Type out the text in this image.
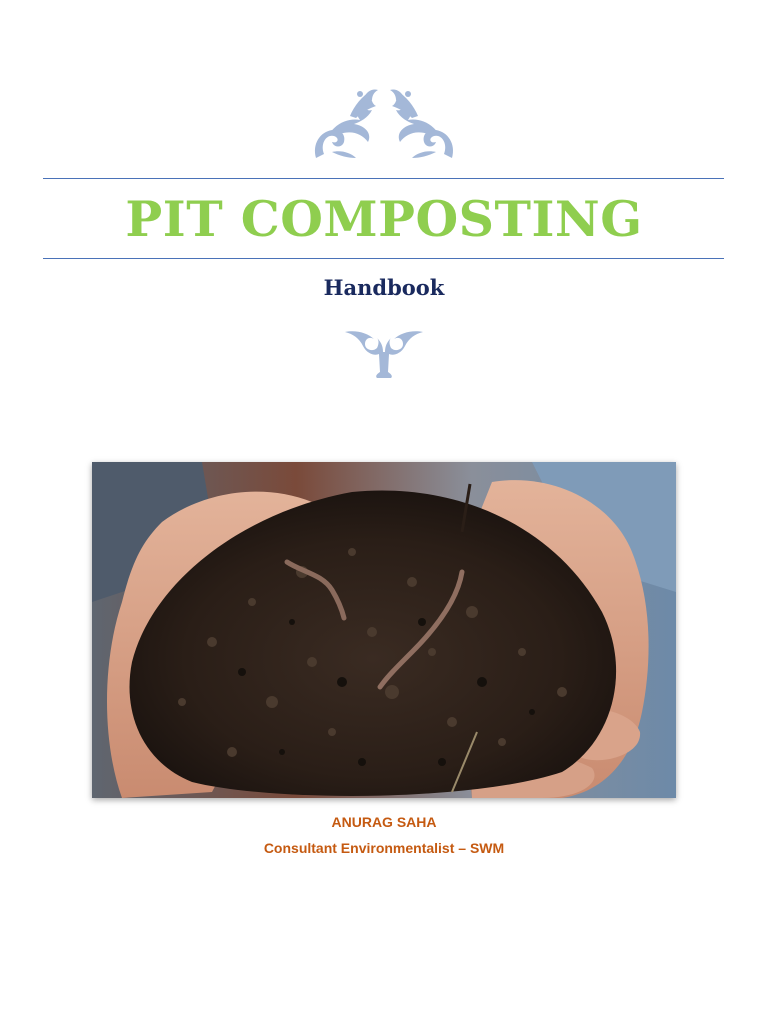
PIT COMPOSTING
Handbook
ANURAG SAHA
Consultant Environmentalist – SWM
